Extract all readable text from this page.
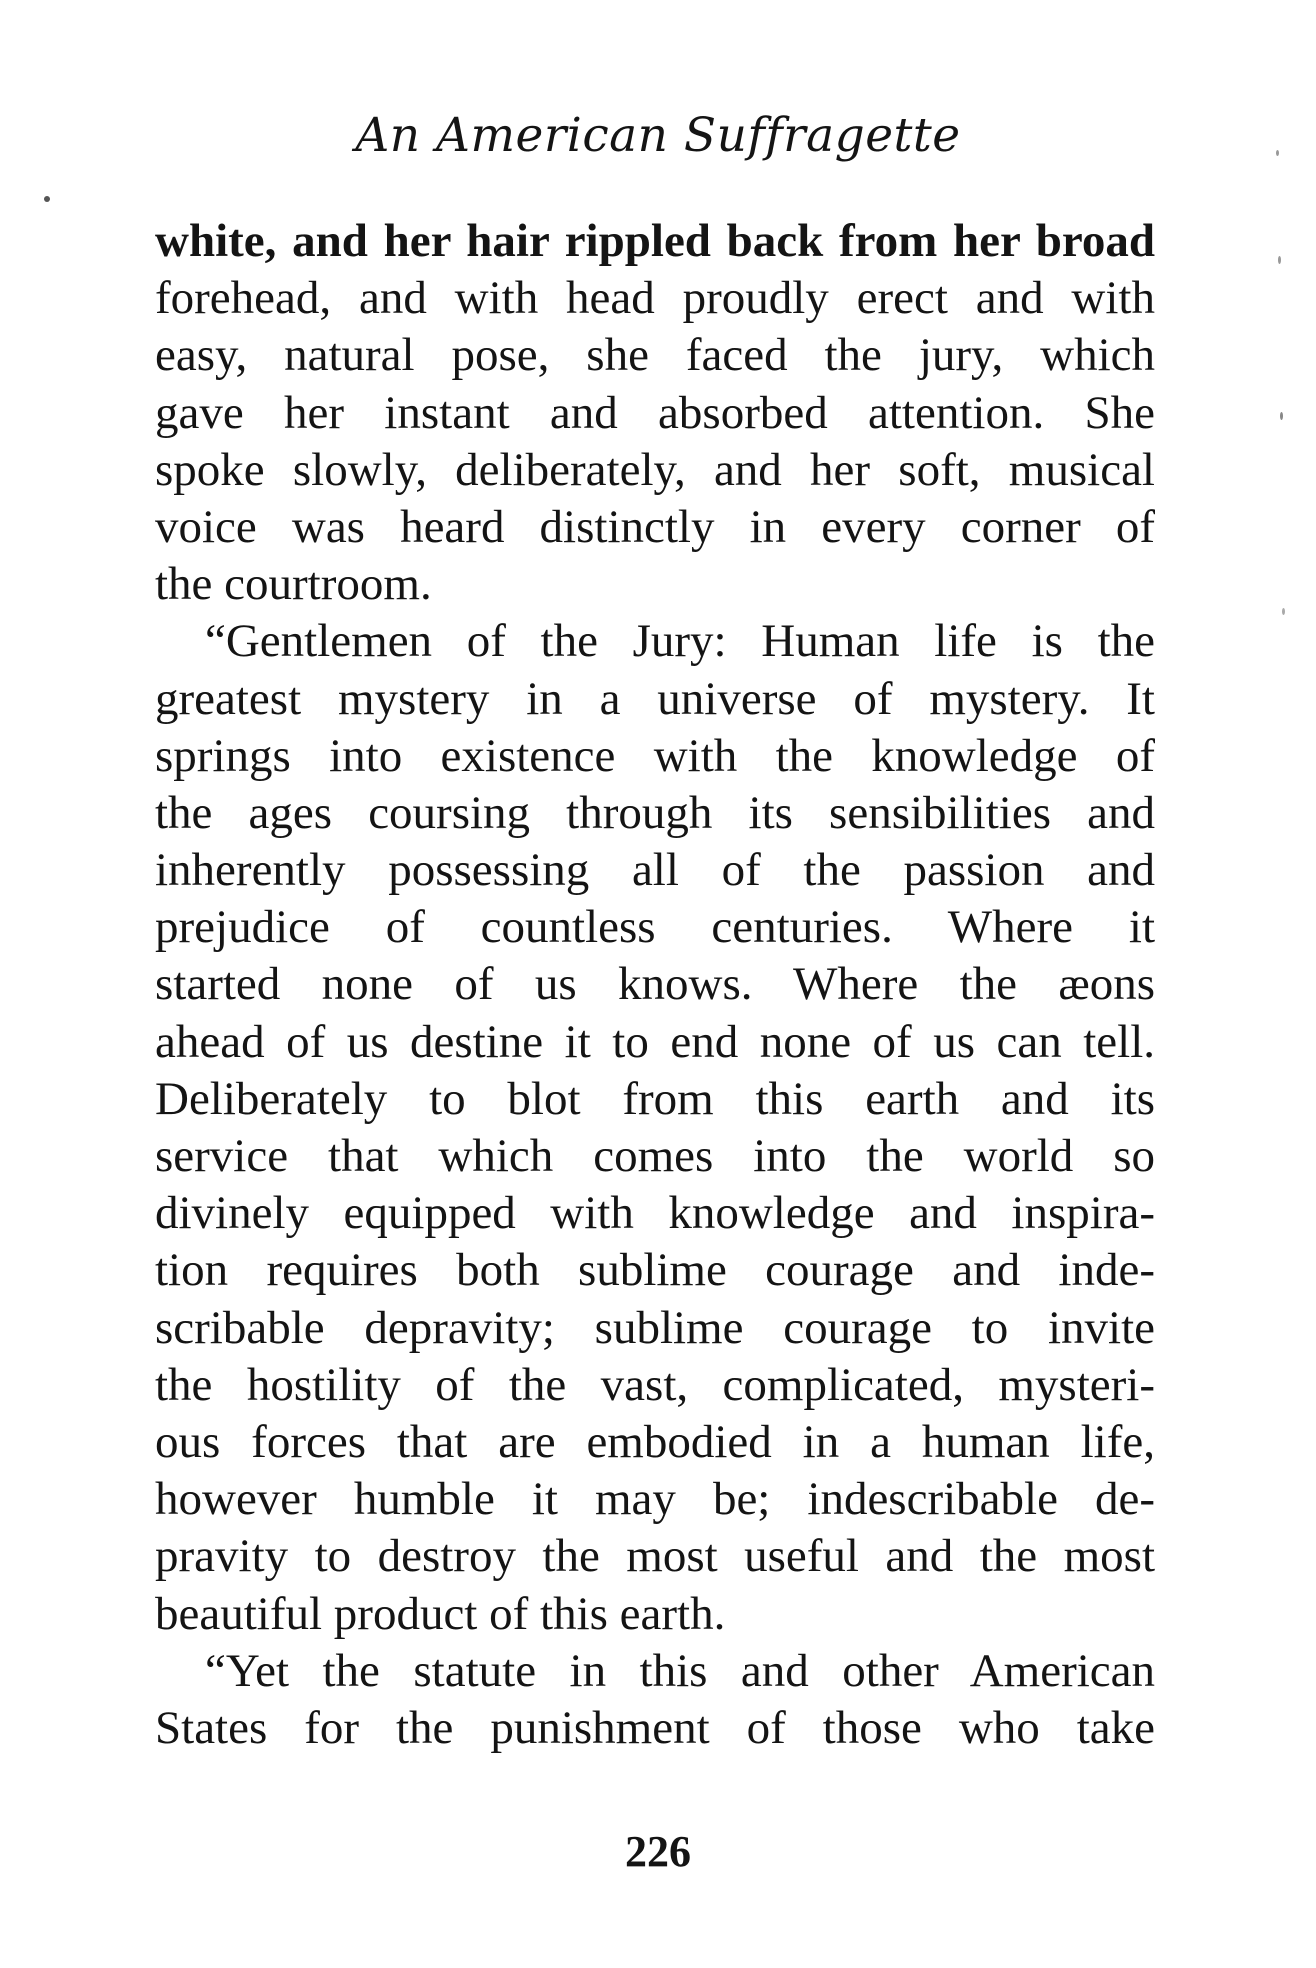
An American Suffragette
white, and her hair rippled back from her broad
forehead, and with head proudly erect and with
easy, natural pose, she faced the jury, which
gave her instant and absorbed attention. She
spoke slowly, deliberately, and her soft, musical
voice was heard distinctly in every corner of
the courtroom.
“Gentlemen of the Jury: Human life is the
greatest mystery in a universe of mystery. It
springs into existence with the knowledge of
the ages coursing through its sensibilities and
inherently possessing all of the passion and
prejudice of countless centuries. Where it
started none of us knows. Where the æons
ahead of us destine it to end none of us can tell.
Deliberately to blot from this earth and its
service that which comes into the world so
divinely equipped with knowledge and inspira-
tion requires both sublime courage and inde-
scribable depravity; sublime courage to invite
the hostility of the vast, complicated, mysteri-
ous forces that are embodied in a human life,
however humble it may be; indescribable de-
pravity to destroy the most useful and the most
beautiful product of this earth.
“Yet the statute in this and other American
States for the punishment of those who take
226
